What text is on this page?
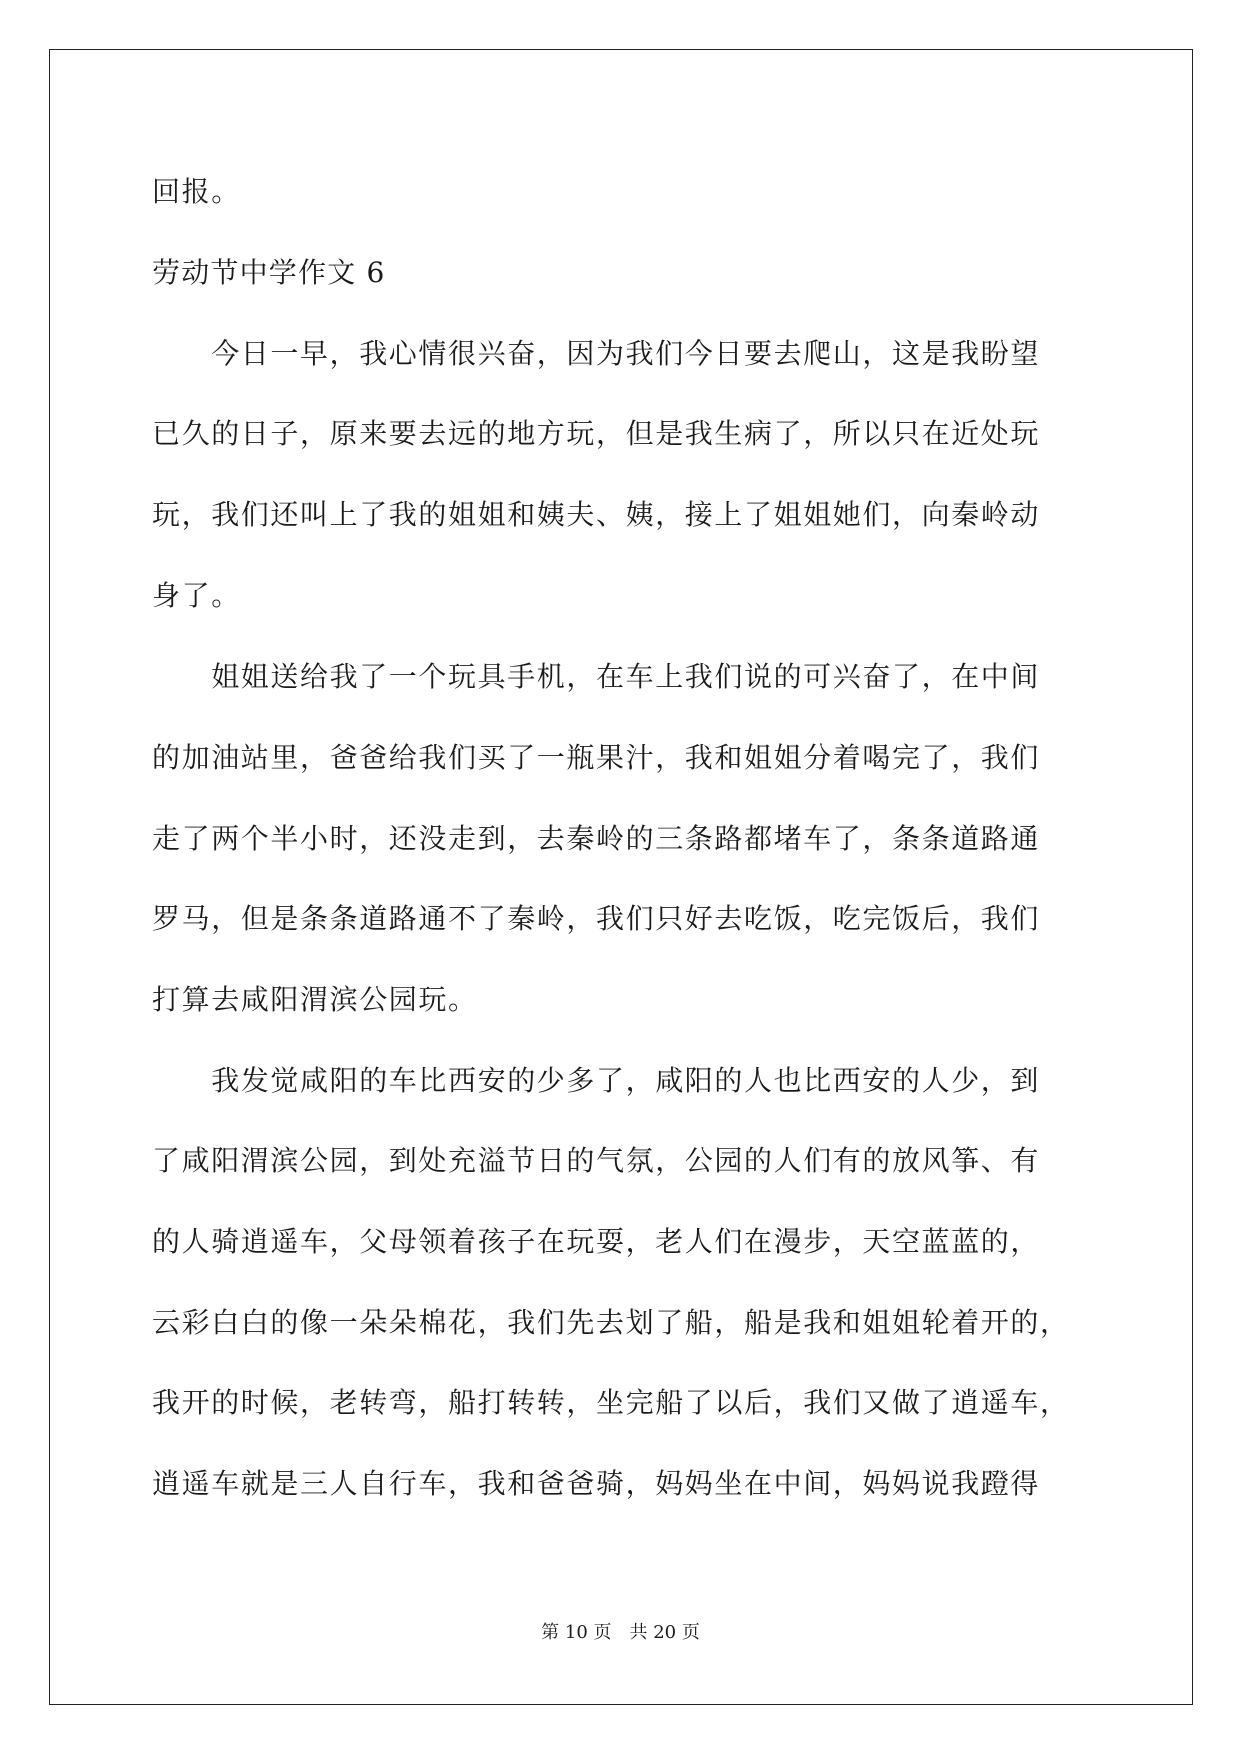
回报。
劳动节中学作文 6
　　今日一早，我心情很兴奋，因为我们今日要去爬山，这是我盼望
已久的日子，原来要去远的地方玩，但是我生病了，所以只在近处玩
玩，我们还叫上了我的姐姐和姨夫、姨，接上了姐姐她们，向秦岭动
身了。
　　姐姐送给我了一个玩具手机，在车上我们说的可兴奋了，在中间
的加油站里，爸爸给我们买了一瓶果汁，我和姐姐分着喝完了，我们
走了两个半小时，还没走到，去秦岭的三条路都堵车了，条条道路通
罗马，但是条条道路通不了秦岭，我们只好去吃饭，吃完饭后，我们
打算去咸阳渭滨公园玩。
　　我发觉咸阳的车比西安的少多了，咸阳的人也比西安的人少，到
了咸阳渭滨公园，到处充溢节日的气氛，公园的人们有的放风筝、有
的人骑逍遥车，父母领着孩子在玩耍，老人们在漫步，天空蓝蓝的，
云彩白白的像一朵朵棉花，我们先去划了船，船是我和姐姐轮着开的，
我开的时候，老转弯，船打转转，坐完船了以后，我们又做了逍遥车，
逍遥车就是三人自行车，我和爸爸骑，妈妈坐在中间，妈妈说我蹬得
第 10 页 共 20 页
